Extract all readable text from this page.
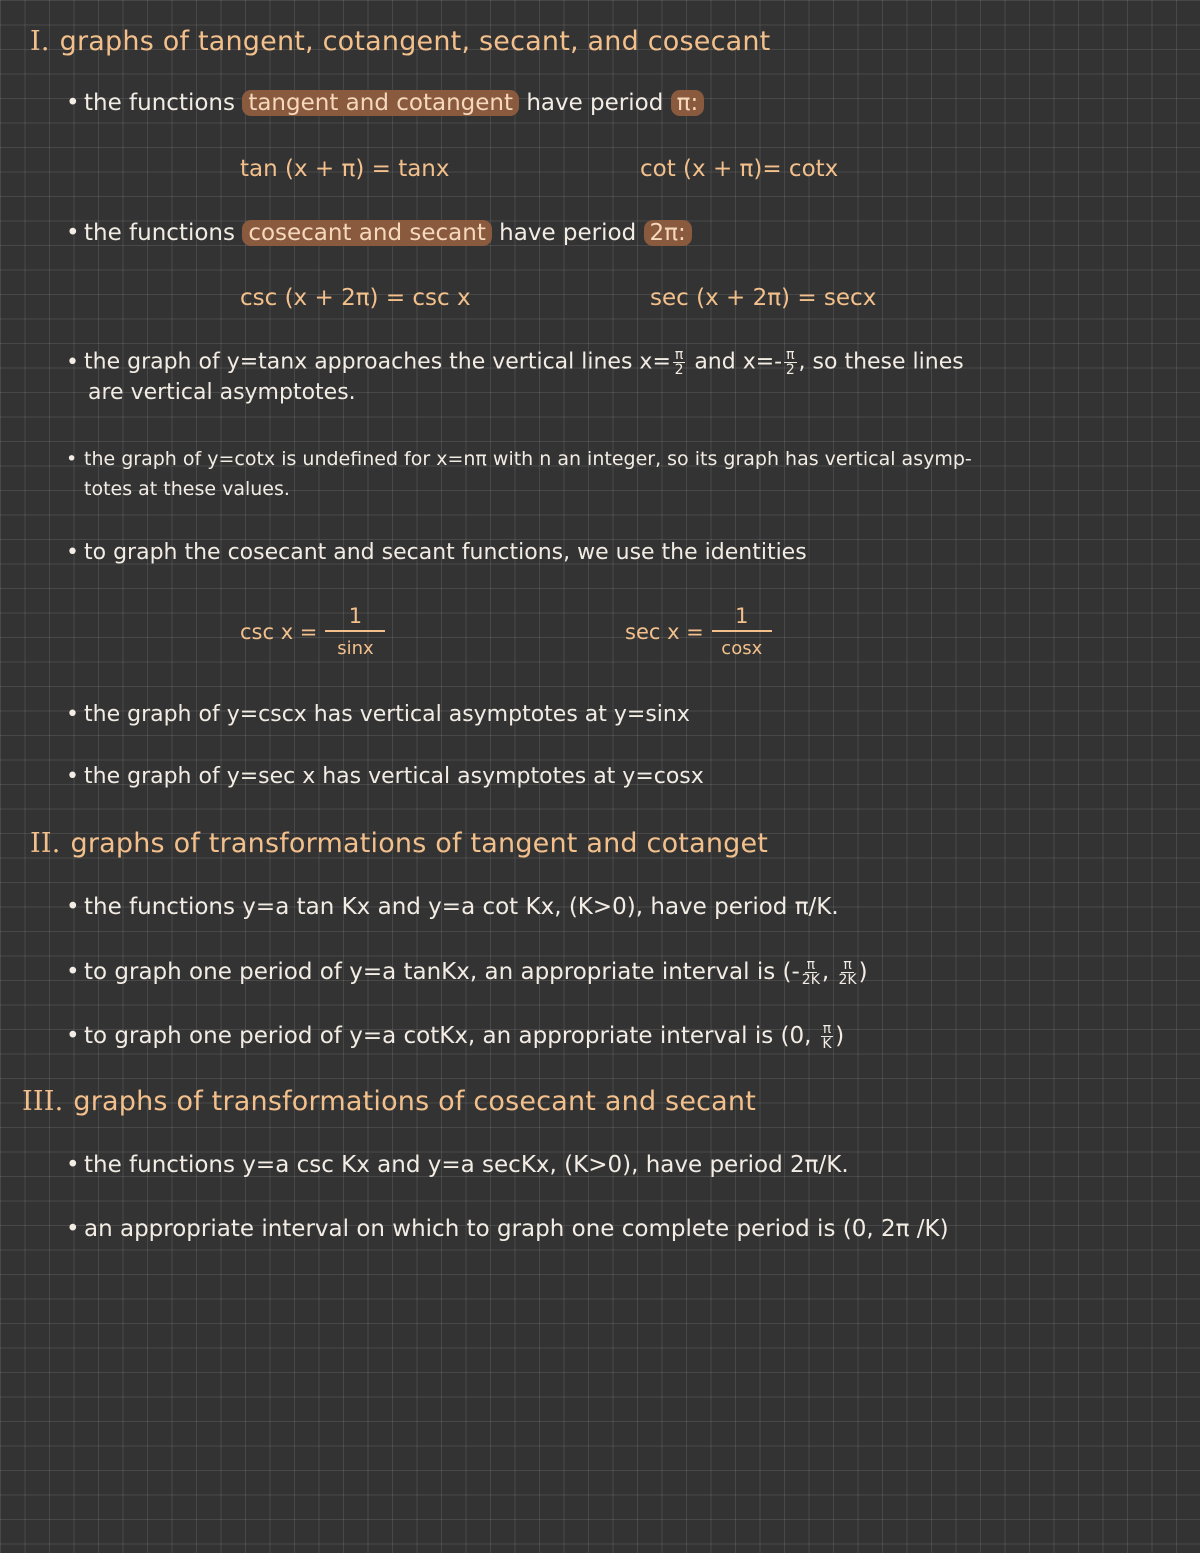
I. graphs of tangent, cotangent, secant, and cosecant
• the functions tangent and cotangent have period π:
tan (x + π) = tanx	cot (x + π)= cotx
• the functions cosecant and secant have period 2π:
csc (x + 2π) = csc x	sec (x + 2π) = secx
• the graph of y=tanx approaches the vertical lines $x= \frac{\pi}{2}$ and $x=- \frac{\pi}{2}$ , so these lines
are vertical asymptotes.
• the graph of y=cotx is undefined for x=nπ with n an integer, so its graph has vertical asymp-
totes at these values.
• to graph the cosecant and secant functions, we use the identities
$\csc x = \frac{1}{\sin x}$	$\sec x = \frac{1}{\cos x}$
• the graph of y=cscx has vertical asymptotes at y=sinx
• the graph of y=sec x has vertical asymptotes at y=cosx
II. graphs of transformations of tangent and cotanget
• the functions y=a tan Kx and y=a cot Kx, (K>0), have period π/K.
• to graph one period of y=a tanKx, an appropriate interval is (- $\frac{\pi}{2K}$ , $\frac{\pi}{2K}$ )
• to graph one period of y=a cotKx, an appropriate interval is (0, $\frac{\pi}{K}$ )
III. graphs of transformations of cosecant and secant
• the functions y=a csc Kx and y=a secKx, (K>0), have period 2π/K.
• an appropriate interval on which to graph one complete period is (0, 2π /K)
